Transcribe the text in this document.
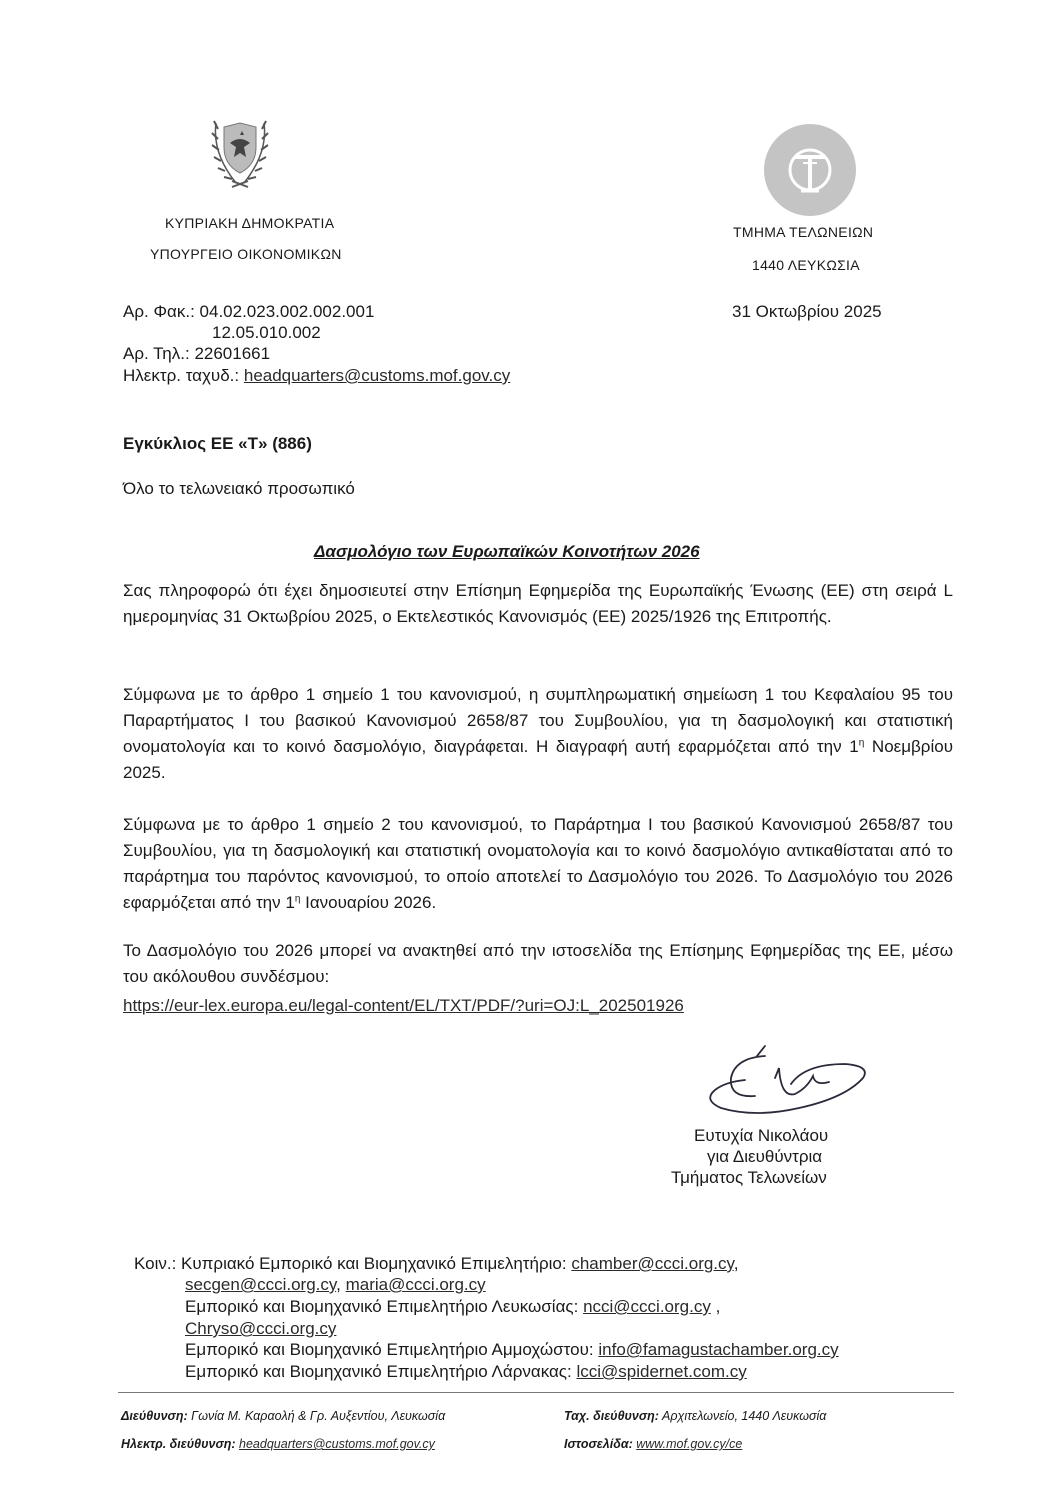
ΚΥΠΡΙΑΚΗ ΔΗΜΟΚΡΑΤΙΑ
ΥΠΟΥΡΓΕΙΟ ΟΙΚΟΝΟΜΙΚΩΝ
ΤΜΗΜΑ ΤΕΛΩΝΕΙΩΝ
1440 ΛΕΥΚΩΣΙΑ
Αρ. Φακ.: 04.02.023.002.002.001
12.05.010.002
Αρ. Τηλ.: 22601661
Ηλεκτρ. ταχυδ.: headquarters@customs.mof.gov.cy
31 Οκτωβρίου 2025
Εγκύκλιος ΕΕ «Τ» (886)
Όλο το τελωνειακό προσωπικό
Δασμολόγιο των Ευρωπαϊκών Κοινοτήτων 2026

Σας πληροφορώ ότι έχει δημοσιευτεί στην Επίσημη Εφημερίδα της Ευρωπαϊκής Ένωσης (ΕΕ) στη σειρά L ημερομηνίας 31 Οκτωβρίου 2025, ο Εκτελεστικός Κανονισμός (ΕΕ) 2025/1926 της Επιτροπής.

Σύμφωνα με το άρθρο 1 σημείο 1 του κανονισμού, η συμπληρωματική σημείωση 1 του Κεφαλαίου 95 του Παραρτήματος Ι του βασικού Κανονισμού 2658/87 του Συμβουλίου, για τη δασμολογική και στατιστική ονοματολογία και το κοινό δασμολόγιο, διαγράφεται. Η διαγραφή αυτή εφαρμόζεται από την $1^\eta$ Νοεμβρίου 2025.

Σύμφωνα με το άρθρο 1 σημείο 2 του κανονισμού, το Παράρτημα Ι του βασικού Κανονισμού 2658/87 του Συμβουλίου, για τη δασμολογική και στατιστική ονοματολογία και το κοινό δασμολόγιο αντικαθίσταται από το παράρτημα του παρόντος κανονισμού, το οποίο αποτελεί το Δασμολόγιο του 2026. Το Δασμολόγιο του 2026 εφαρμόζεται από την $1^\eta$ Ιανουαρίου 2026.

Το Δασμολόγιο του 2026 μπορεί να ανακτηθεί από την ιστοσελίδα της Επίσημης Εφημερίδας της ΕΕ, μέσω του ακόλουθου συνδέσμου:

https://eur-lex.europa.eu/legal-content/EL/TXT/PDF/?uri=OJ:L_202501926
Ευτυχία Νικολάου
για Διευθύντρια
Τμήματος Τελωνείων
Κοιν.: Κυπριακό Εμπορικό και Βιομηχανικό Επιμελητήριο: chamber@ccci.org.cy,
secgen@ccci.org.cy, maria@ccci.org.cy
Εμπορικό και Βιομηχανικό Επιμελητήριο Λευκωσίας: ncci@ccci.org.cy ,
Chryso@ccci.org.cy
Εμπορικό και Βιομηχανικό Επιμελητήριο Αμμοχώστου: info@famagustachamber.org.cy
Εμπορικό και Βιομηχανικό Επιμελητήριο Λάρνακας: lcci@spidernet.com.cy
Διεύθυνση: Γωνία Μ. Καραολή & Γρ. Αυξεντίου, Λευκωσία	Ταχ. διεύθυνση: Αρχιτελωνείο, 1440 Λευκωσία
Ηλεκτρ. διεύθυνση: headquarters@customs.mof.gov.cy	Ιστοσελίδα: www.mof.gov.cy/ce
